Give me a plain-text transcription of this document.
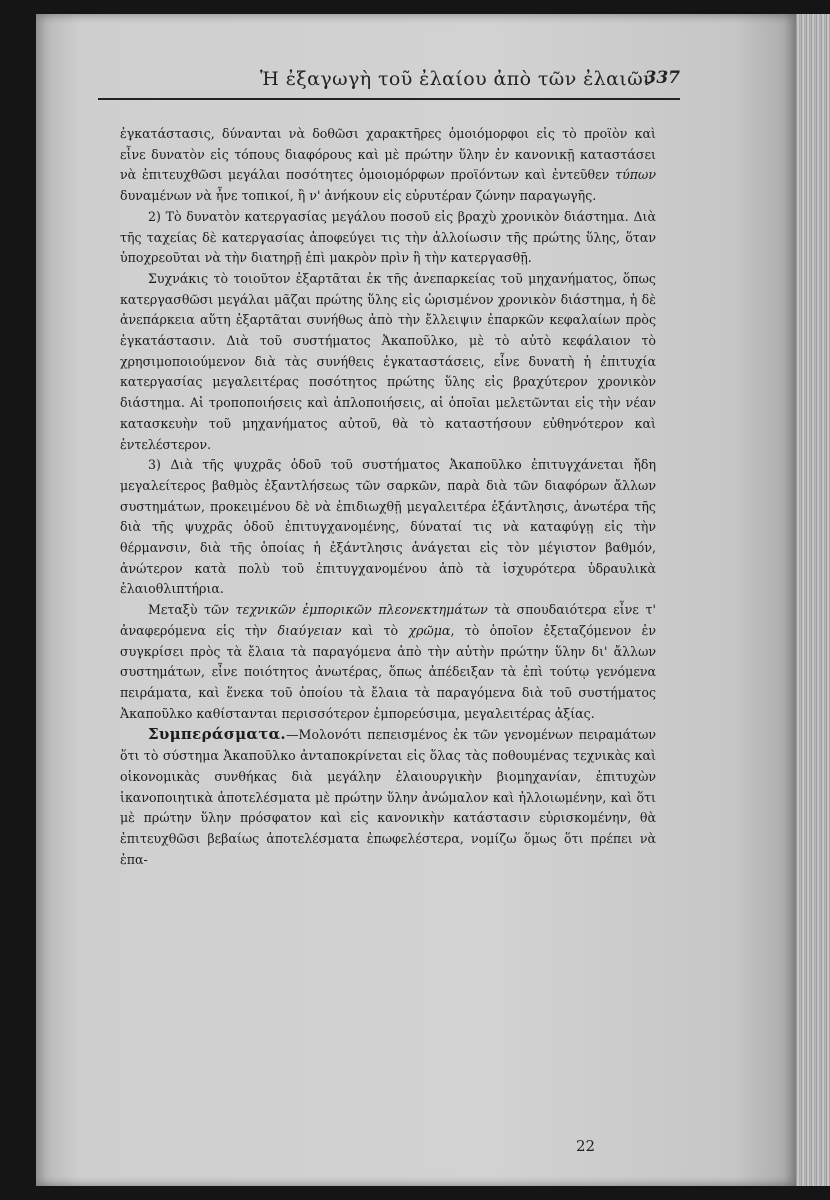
Ἡ ἐξαγωγὴ τοῦ ἐλαίου ἀπὸ τῶν ἐλαιῶν
337

ἐγκατάστασις, δύνανται νὰ δοθῶσι χαρακτῆρες ὁμοιόμορφοι εἰς τὸ προϊὸν καὶ εἶνε δυνατὸν εἰς τόπους διαφόρους καὶ μὲ πρώτην ὕλην ἐν κανονικῇ καταστάσει νὰ ἐπιτευχθῶσι μεγάλαι ποσότητες ὁμοιομόρφων προϊόντων καὶ ἐντεῦθεν τύπων δυναμένων νὰ ἦνε τοπικοί, ἢ ν' ἀνήκουν εἰς εὐρυτέραν ζώνην παραγωγῆς.

2) Τὸ δυνατὸν κατεργασίας μεγάλου ποσοῦ εἰς βραχὺ χρονικὸν διάστημα. Διὰ τῆς ταχείας δὲ κατεργασίας ἀποφεύγει τις τὴν ἀλλοίωσιν τῆς πρώτης ὕλης, ὅταν ὑποχρεοῦται νὰ τὴν διατηρῇ ἐπὶ μακρὸν πρὶν ἢ τὴν κατεργασθῇ.

Συχνάκις τὸ τοιοῦτον ἐξαρτᾶται ἐκ τῆς ἀνεπαρκείας τοῦ μηχανήματος, ὅπως κατεργασθῶσι μεγάλαι μᾶζαι πρώτης ὕλης εἰς ὡρισμένον χρονικὸν διάστημα, ἡ δὲ ἀνεπάρκεια αὕτη ἐξαρτᾶται συνήθως ἀπὸ τὴν ἔλλειψιν ἐπαρκῶν κεφαλαίων πρὸς ἐγκατάστασιν. Διὰ τοῦ συστήματος Ἀκαποῦλκο, μὲ τὸ αὐτὸ κεφάλαιον τὸ χρησιμοποιούμενον διὰ τὰς συνήθεις ἐγκαταστάσεις, εἶνε δυνατὴ ἡ ἐπιτυχία κατεργασίας μεγαλειτέρας ποσότητος πρώτης ὕλης εἰς βραχύτερον χρονικὸν διάστημα. Αἱ τροποποιήσεις καὶ ἁπλοποιήσεις, αἱ ὁποῖαι μελετῶνται εἰς τὴν νέαν κατασκευὴν τοῦ μηχανήματος αὐτοῦ, θὰ τὸ καταστήσουν εὐθηνότερον καὶ ἐντελέστερον.

3) Διὰ τῆς ψυχρᾶς ὁδοῦ τοῦ συστήματος Ἀκαποῦλκο ἐπιτυγχάνεται ἤδη μεγαλείτερος βαθμὸς ἐξαντλήσεως τῶν σαρκῶν, παρὰ διὰ τῶν διαφόρων ἄλλων συστημάτων, προκειμένου δὲ νὰ ἐπιδιωχθῇ μεγαλειτέρα ἐξάντλησις, ἀνωτέρα τῆς διὰ τῆς ψυχρᾶς ὁδοῦ ἐπιτυγχανομένης, δύναταί τις νὰ καταφύγῃ εἰς τὴν θέρμανσιν, διὰ τῆς ὁποίας ἡ ἐξάντλησις ἀνάγεται εἰς τὸν μέγιστον βαθμόν, ἀνώτερον κατὰ πολὺ τοῦ ἐπιτυγχανομένου ἀπὸ τὰ ἰσχυρότερα ὑδραυλικὰ ἐλαιοθλιπτήρια.

Μεταξὺ τῶν τεχνικῶν ἐμπορικῶν πλεονεκτημάτων τὰ σπουδαιότερα εἶνε τ' ἀναφερόμενα εἰς τὴν διαύγειαν καὶ τὸ χρῶμα, τὸ ὁποῖον ἐξεταζόμενον ἐν συγκρίσει πρὸς τὰ ἔλαια τὰ παραγόμενα ἀπὸ τὴν αὐτὴν πρώτην ὕλην δι' ἄλλων συστημάτων, εἶνε ποιότητος ἀνωτέρας, ὅπως ἀπέδειξαν τὰ ἐπὶ τούτῳ γενόμενα πειράματα, καὶ ἕνεκα τοῦ ὁποίου τὰ ἔλαια τὰ παραγόμενα διὰ τοῦ συστήματος Ἀκαποῦλκο καθίστανται περισσότερον ἐμπορεύσιμα, μεγαλειτέρας ἀξίας.

Συμπεράσματα.—Μολονότι πεπεισμένος ἐκ τῶν γενομένων πειραμάτων ὅτι τὸ σύστημα Ἀκαποῦλκο ἀνταποκρίνεται εἰς ὅλας τὰς ποθουμένας τεχνικὰς καὶ οἰκονομικὰς συνθήκας διὰ μεγάλην ἐλαιουργικὴν βιομηχανίαν, ἐπιτυχὼν ἱκανοποιητικὰ ἀποτελέσματα μὲ πρώτην ὕλην ἀνώμαλον καὶ ἠλλοιωμένην, καὶ ὅτι μὲ πρώτην ὕλην πρόσφατον καὶ εἰς κανονικὴν κατάστασιν εὑρισκομένην, θὰ ἐπιτευχθῶσι βεβαίως ἀποτελέσματα ἐπωφελέστερα, νομίζω ὅμως ὅτι πρέπει νὰ ἐπα-

22
